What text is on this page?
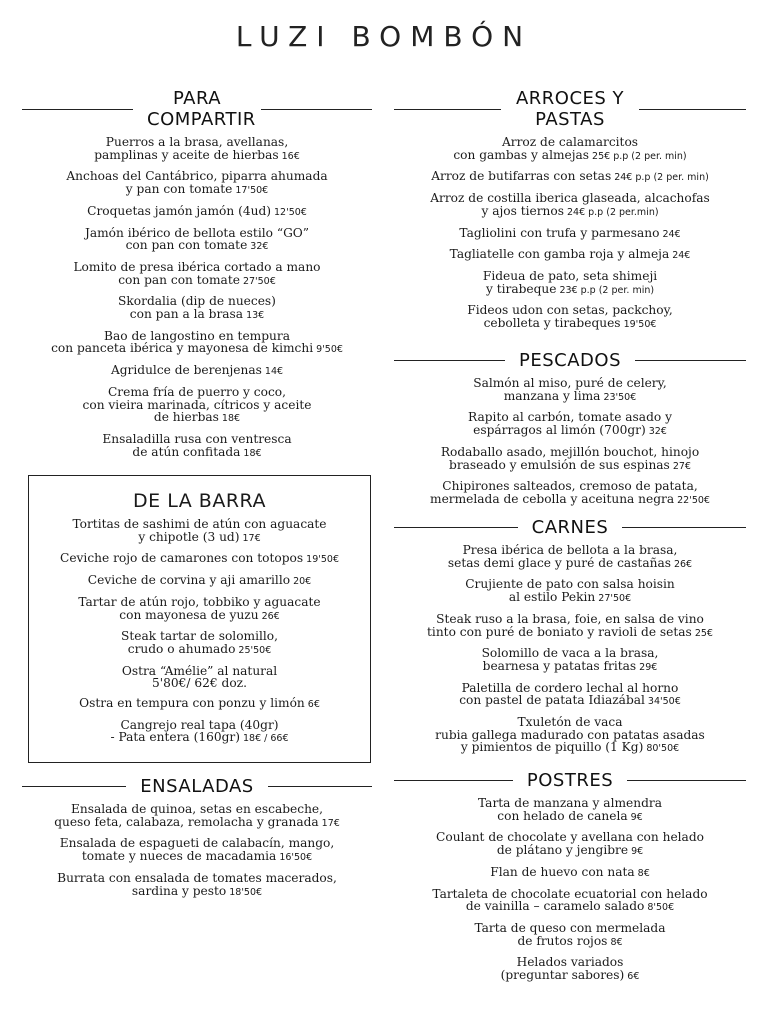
LUZI BOMBÓN
PARA COMPARTIR
Puerros a la brasa, avellanas,
pamplinas y aceite de hierbas 16€
Anchoas del Cantábrico, piparra ahumada
y pan con tomate 17'50€
Croquetas jamón jamón (4ud) 12'50€
Jamón ibérico de bellota estilo “GO”
con pan con tomate 32€
Lomito de presa ibérica cortado a mano
con pan con tomate 27'50€
Skordalia (dip de nueces)
con pan a la brasa 13€
Bao de langostino en tempura
con panceta ibérica y mayonesa de kimchi 9'50€
Agridulce de berenjenas 14€
Crema fría de puerro y coco,
con vieira marinada, cítricos y aceite
de hierbas 18€
Ensaladilla rusa con ventresca
de atún confitada 18€
DE LA BARRA
Tortitas de sashimi de atún con aguacate
y chipotle (3 ud) 17€
Ceviche rojo de camarones con totopos 19'50€
Ceviche de corvina y aji amarillo 20€
Tartar de atún rojo, tobbiko y aguacate
con mayonesa de yuzu 26€
Steak tartar de solomillo,
crudo o ahumado 25'50€
Ostra “Amélie” al natural
5'80€/ 62€ doz.
Ostra en tempura con ponzu y limón 6€
Cangrejo real tapa (40gr)
- Pata entera (160gr) 18€ / 66€
ENSALADAS
Ensalada de quinoa, setas en escabeche,
queso feta, calabaza, remolacha y granada 17€
Ensalada de espagueti de calabacín, mango,
tomate y nueces de macadamia 16'50€
Burrata con ensalada de tomates macerados,
sardina y pesto 18'50€
ARROCES Y PASTAS
Arroz de calamarcitos
con gambas y almejas 25€ p.p (2 per. min)
Arroz de butifarras con setas 24€ p.p (2 per. min)
Arroz de costilla iberica glaseada, alcachofas
y ajos tiernos 24€ p.p (2 per.min)
Tagliolini con trufa y parmesano 24€
Tagliatelle con gamba roja y almeja 24€
Fideua de pato, seta shimeji
y tirabeque 23€ p.p (2 per. min)
Fideos udon con setas, packchoy,
cebolleta y tirabeques 19'50€
PESCADOS
Salmón al miso, puré de celery,
manzana y lima 23'50€
Rapito al carbón, tomate asado y
espárragos al limón (700gr) 32€
Rodaballo asado, mejillón bouchot, hinojo
braseado y emulsión de sus espinas 27€
Chipirones salteados, cremoso de patata,
mermelada de cebolla y aceituna negra 22'50€
CARNES
Presa ibérica de bellota a la brasa,
setas demi glace y puré de castañas 26€
Crujiente de pato con salsa hoisin
al estilo Pekin 27'50€
Steak ruso a la brasa, foie, en salsa de vino
tinto con puré de boniato y ravioli de setas 25€
Solomillo de vaca a la brasa,
bearnesa y patatas fritas 29€
Paletilla de cordero lechal al horno
con pastel de patata Idiazábal 34'50€
Txuletón de vaca
rubia gallega madurado con patatas asadas
y pimientos de piquillo (1 Kg) 80'50€
POSTRES
Tarta de manzana y almendra
con helado de canela 9€
Coulant de chocolate y avellana con helado
de plátano y jengibre 9€
Flan de huevo con nata 8€
Tartaleta de chocolate ecuatorial con helado
de vainilla – caramelo salado 8'50€
Tarta de queso con mermelada
de frutos rojos 8€
Helados variados
(preguntar sabores) 6€
